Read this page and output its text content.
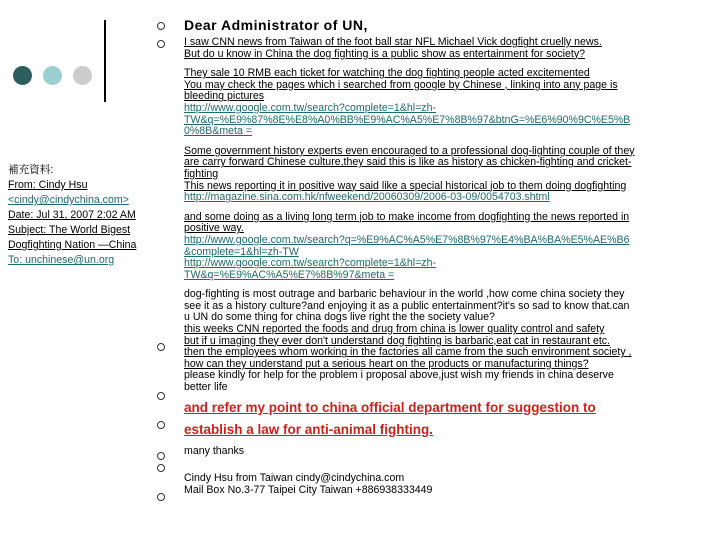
Dear Administrator of UN,
I saw CNN news from Taiwan of the foot ball star NFL Michael Vick dogfight cruelly news.
But do u know in China the dog fighting is a public show as entertainment for society?
They sale 10 RMB each ticket for watching the dog fighting people acted excitemented
You may check the pages which i searched from google by Chinese , linking into any page is
bleeding pictures
http://www.google.com.tw/search?complete=1&hl=zh-
TW&q=%E9%87%8E%E8%A0%BB%E9%AC%A5%E7%8B%97&btnG=%E6%90%9C%E5%B
0%8B&meta =
Some government history experts even encouraged to a professional dog-lighting couple of they
are carry forward Chinese culture,they said this is like as history as chicken-fighting and cricket-
fighting
This news reporting it in positive way said like a special historical job to them doing dogfighting
http://magazine.sina.com.hk/nfweekend/20060309/2006-03-09/0054703.shtml
and some doing as a living long term job to make income from dogfighting the news reported in
positive way.
http://www.google.com.tw/search?q=%E9%AC%A5%E7%8B%97%E4%BA%BA%E5%AE%B6
&complete=1&hl=zh-TW
http://www.google.com.tw/search?complete=1&hl=zh-
TW&q=%E9%AC%A5%E7%8B%97&meta =
dog-fighting is most outrage and barbaric behaviour in the world ,how come china society they
see it as a history culture?and enjoying it as a public entertainment?it's so sad to know that.can
u UN do some thing for china dogs live right the the society value?
this weeks CNN reported the foods and drug from china is lower quality control and safety
but if u imaging they ever don't understand dog fighting is barbaric,eat cat in restaurant etc.
then the employees whom working in the factories all came from the such environment society ,
how can they understand put a serious heart on the products or manufacturing things?
please kindly for help for the problem i proposal above,just wish my friends in china deserve
better life
and refer my point to china official department for suggestion to
establish a law for anti-animal fighting.
many thanks
Cindy Hsu from Taiwan cindy@cindychina.com
Mail Box No.3-77 Taipei City Taiwan +886938333449
補充資料:
From: Cindy Hsu
<cindy@cindychina.com>
Date: Jul 31, 2007 2:02 AM
Subject: The World Bigest
Dogfighting Nation —China
To: unchinese@un.org
